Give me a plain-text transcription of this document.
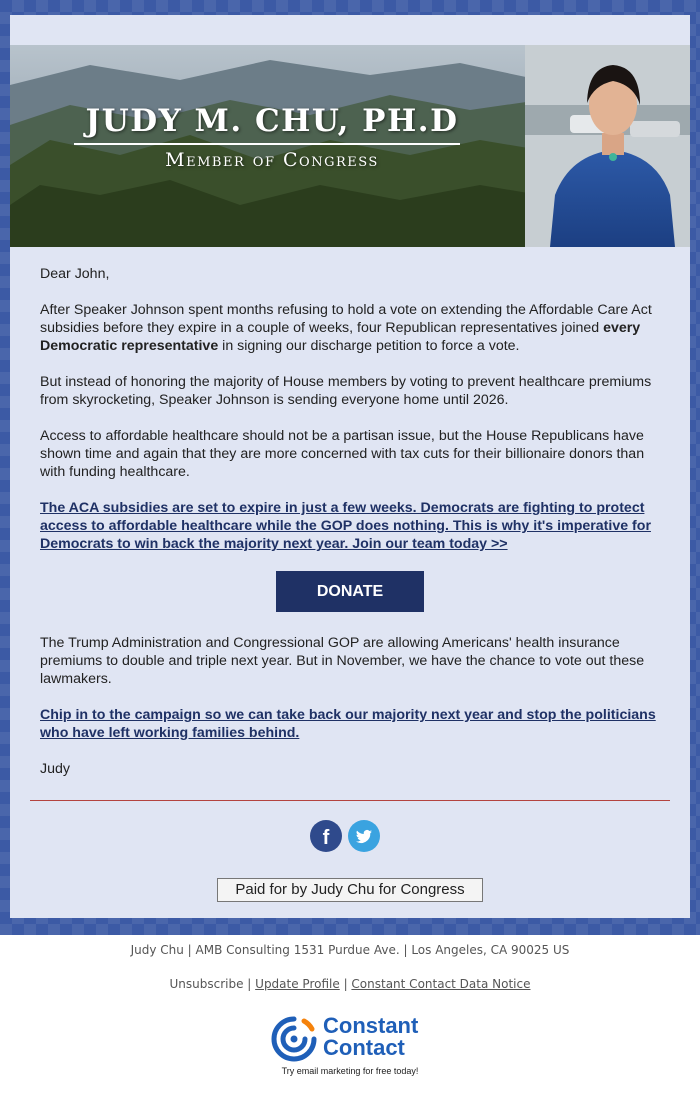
JUDY M. CHU, PH.D
Member of Congress

Dear John,

After Speaker Johnson spent months refusing to hold a vote on extending the Affordable Care Act subsidies before they expire in a couple of weeks, four Republican representatives joined every Democratic representative in signing our discharge petition to force a vote.

But instead of honoring the majority of House members by voting to prevent healthcare premiums from skyrocketing, Speaker Johnson is sending everyone home until 2026.

Access to affordable healthcare should not be a partisan issue, but the House Republicans have shown time and again that they are more concerned with tax cuts for their billionaire donors than with funding healthcare.

The ACA subsidies are set to expire in just a few weeks. Democrats are fighting to protect access to affordable healthcare while the GOP does nothing. This is why it's imperative for Democrats to win back the majority next year. Join our team today >>

DONATE

The Trump Administration and Congressional GOP are allowing Americans' health insurance premiums to double and triple next year. But in November, we have the chance to vote out these lawmakers.

Chip in to the campaign so we can take back our majority next year and stop the politicians who have left working families behind.

Judy

f
Paid for by Judy Chu for Congress
Judy Chu | AMB Consulting 1531 Purdue Ave. | Los Angeles, CA 90025 US
Unsubscribe | Update Profile | Constant Contact Data Notice
Constant
Contact
Try email marketing for free today!
